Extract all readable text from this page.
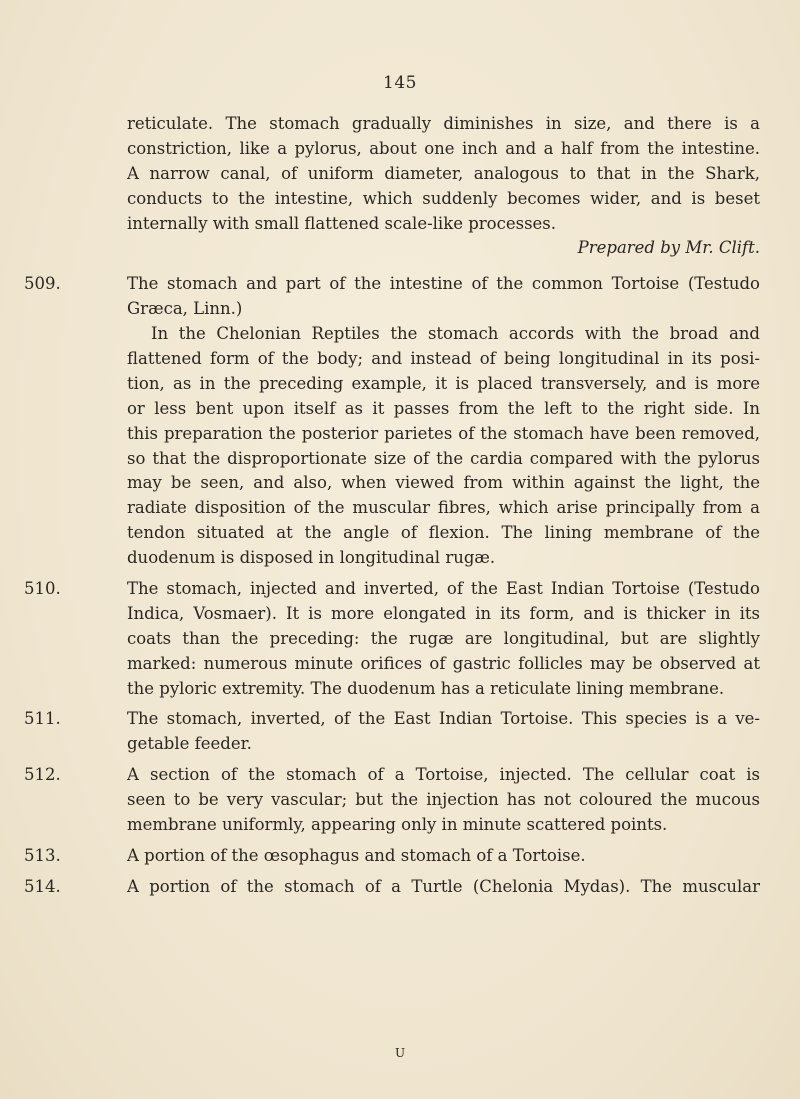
145
reticulate. The stomach gradually diminishes in size, and there is a
constriction, like a pylorus, about one inch and a half from the intestine.
A narrow canal, of uniform diameter, analogous to that in the Shark,
conducts to the intestine, which suddenly becomes wider, and is beset
internally with small flattened scale-like processes.
Prepared by Mr. Clift.
509.	The stomach and part of the intestine of the common Tortoise (Testudo
Græca, Linn.)
In the Chelonian Reptiles the stomach accords with the broad and
flattened form of the body; and instead of being longitudinal in its posi-
tion, as in the preceding example, it is placed transversely, and is more
or less bent upon itself as it passes from the left to the right side. In
this preparation the posterior parietes of the stomach have been removed,
so that the disproportionate size of the cardia compared with the pylorus
may be seen, and also, when viewed from within against the light, the
radiate disposition of the muscular fibres, which arise principally from a
tendon situated at the angle of flexion. The lining membrane of the
duodenum is disposed in longitudinal rugæ.
510.	The stomach, injected and inverted, of the East Indian Tortoise (Testudo
Indica, Vosmaer). It is more elongated in its form, and is thicker in its
coats than the preceding: the rugæ are longitudinal, but are slightly
marked: numerous minute orifices of gastric follicles may be observed at
the pyloric extremity. The duodenum has a reticulate lining membrane.
511.	The stomach, inverted, of the East Indian Tortoise. This species is a ve-
getable feeder.
512.	A section of the stomach of a Tortoise, injected. The cellular coat is
seen to be very vascular; but the injection has not coloured the mucous
membrane uniformly, appearing only in minute scattered points.
513.	A portion of the œsophagus and stomach of a Tortoise.
514.	A portion of the stomach of a Turtle (Chelonia Mydas). The muscular
U
